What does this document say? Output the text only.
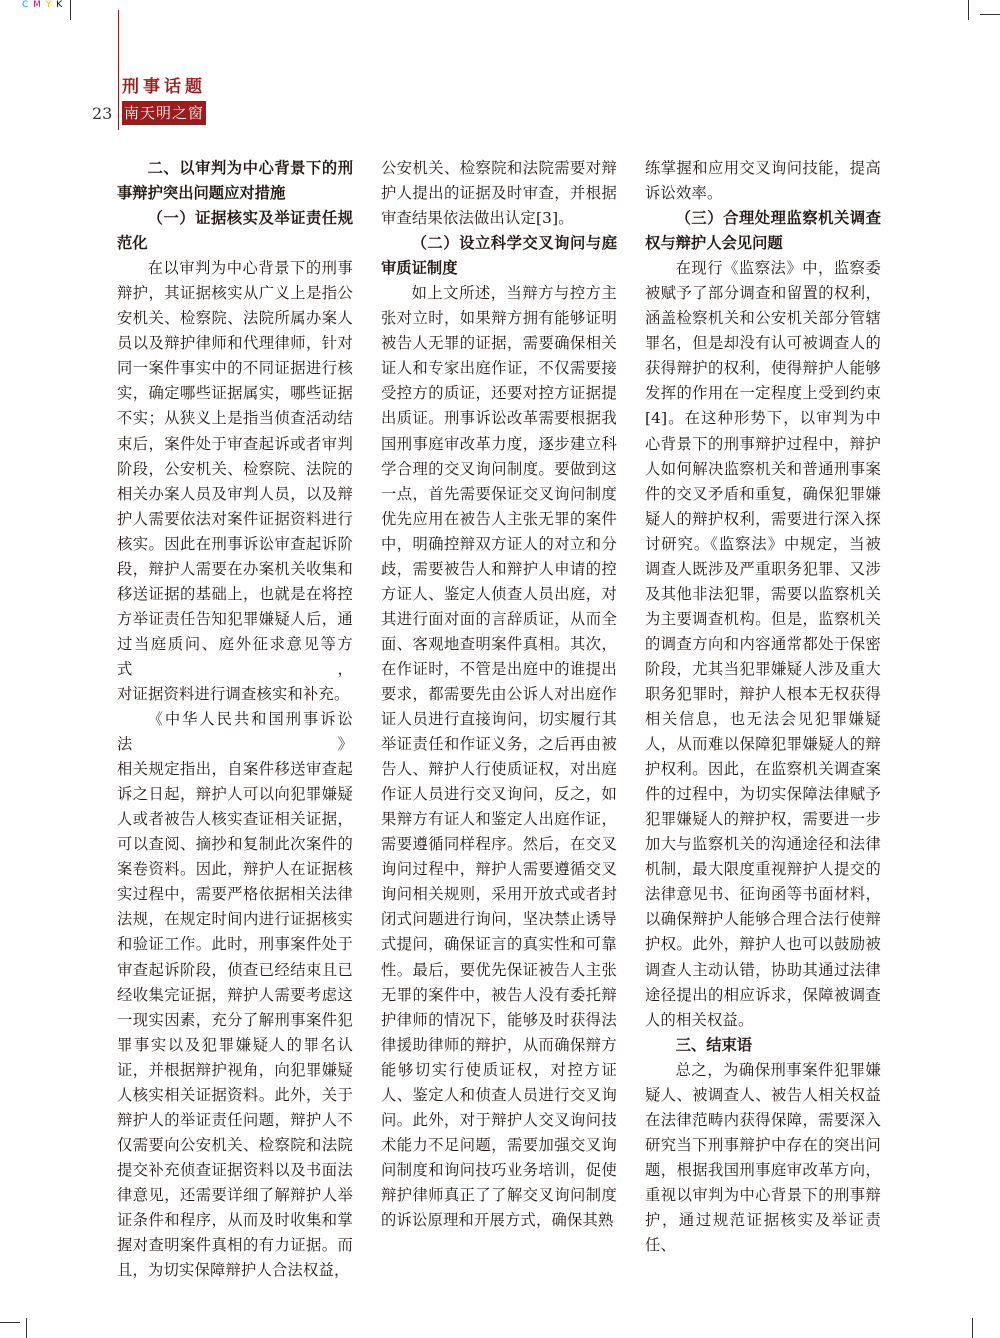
C M Y K
刑事话题
23 南天明之窗
二、以审判为中心背景下的刑
事辩护突出问题应对措施
（一）证据核实及举证责任规
范化

在以审判为中心背景下的刑事

辩护，其证据核实从广义上是指公

安机关、检察院、法院所属办案人

员以及辩护律师和代理律师，针对

同一案件事实中的不同证据进行核

实，确定哪些证据属实，哪些证据

不实；从狭义上是指当侦查活动结

束后，案件处于审查起诉或者审判

阶段，公安机关、检察院、法院的

相关办案人员及审判人员，以及辩

护人需要依法对案件证据资料进行

核实。因此在刑事诉讼审查起诉阶

段，辩护人需要在办案机关收集和

移送证据的基础上，也就是在将控

方举证责任告知犯罪嫌疑人后，通

过当庭质问、庭外征求意见等方式，

对证据资料进行调查核实和补充。

《中华人民共和国刑事诉讼法》

相关规定指出，自案件移送审查起

诉之日起，辩护人可以向犯罪嫌疑

人或者被告人核实查证相关证据，

可以查阅、摘抄和复制此次案件的

案卷资料。因此，辩护人在证据核

实过程中，需要严格依据相关法律

法规，在规定时间内进行证据核实

和验证工作。此时，刑事案件处于

审查起诉阶段，侦查已经结束且已

经收集完证据，辩护人需要考虑这

一现实因素，充分了解刑事案件犯

罪事实以及犯罪嫌疑人的罪名认

证，并根据辩护视角，向犯罪嫌疑

人核实相关证据资料。此外，关于

辩护人的举证责任问题，辩护人不

仅需要向公安机关、检察院和法院

提交补充侦查证据资料以及书面法

律意见，还需要详细了解辩护人举

证条件和程序，从而及时收集和掌

握对查明案件真相的有力证据。而

且，为切实保障辩护人合法权益，

公安机关、检察院和法院需要对辩

护人提出的证据及时审查，并根据

审查结果依法做出认定[3]。

（二）设立科学交叉询问与庭
审质证制度

如上文所述，当辩方与控方主

张对立时，如果辩方拥有能够证明

被告人无罪的证据，需要确保相关

证人和专家出庭作证，不仅需要接

受控方的质证，还要对控方证据提

出质证。刑事诉讼改革需要根据我

国刑事庭审改革力度，逐步建立科

学合理的交叉询问制度。要做到这

一点，首先需要保证交叉询问制度

优先应用在被告人主张无罪的案件

中，明确控辩双方证人的对立和分

歧，需要被告人和辩护人申请的控

方证人、鉴定人侦查人员出庭，对

其进行面对面的言辞质证，从而全

面、客观地查明案件真相。其次，

在作证时，不管是出庭中的谁提出

要求，都需要先由公诉人对出庭作

证人员进行直接询问，切实履行其

举证责任和作证义务，之后再由被

告人、辩护人行使质证权，对出庭

作证人员进行交叉询问，反之，如

果辩方有证人和鉴定人出庭作证，

需要遵循同样程序。然后，在交叉

询问过程中，辩护人需要遵循交叉

询问相关规则，采用开放式或者封

闭式问题进行询问，坚决禁止诱导

式提问，确保证言的真实性和可靠

性。最后，要优先保证被告人主张

无罪的案件中，被告人没有委托辩

护律师的情况下，能够及时获得法

律援助律师的辩护，从而确保辩方

能够切实行使质证权，对控方证

人、鉴定人和侦查人员进行交叉询

问。此外，对于辩护人交叉询问技

术能力不足问题，需要加强交叉询

问制度和询问技巧业务培训，促使

辩护律师真正了了解交叉询问制度

的诉讼原理和开展方式，确保其熟

练掌握和应用交叉询问技能，提高

诉讼效率。

（三）合理处理监察机关调查
权与辩护人会见问题

在现行《监察法》中，监察委

被赋予了部分调查和留置的权利，

涵盖检察机关和公安机关部分管辖

罪名，但是却没有认可被调查人的

获得辩护的权利，使得辩护人能够

发挥的作用在一定程度上受到约束

[4]。在这种形势下，以审判为中

心背景下的刑事辩护过程中，辩护

人如何解决监察机关和普通刑事案

件的交叉矛盾和重复，确保犯罪嫌

疑人的辩护权利，需要进行深入探

讨研究。《监察法》中规定，当被

调查人既涉及严重职务犯罪、又涉

及其他非法犯罪，需要以监察机关

为主要调查机构。但是，监察机关

的调查方向和内容通常都处于保密

阶段，尤其当犯罪嫌疑人涉及重大

职务犯罪时，辩护人根本无权获得

相关信息，也无法会见犯罪嫌疑

人，从而难以保障犯罪嫌疑人的辩

护权利。因此，在监察机关调查案

件的过程中，为切实保障法律赋予

犯罪嫌疑人的辩护权，需要进一步

加大与监察机关的沟通途径和法律

机制，最大限度重视辩护人提交的

法律意见书、征询函等书面材料，

以确保辩护人能够合理合法行使辩

护权。此外，辩护人也可以鼓励被

调查人主动认错，协助其通过法律

途径提出的相应诉求，保障被调查

人的相关权益。

三、结束语

总之，为确保刑事案件犯罪嫌

疑人、被调查人、被告人相关权益

在法律范畴内获得保障，需要深入

研究当下刑事辩护中存在的突出问

题，根据我国刑事庭审改革方向，

重视以审判为中心背景下的刑事辩

护，通过规范证据核实及举证责任、
